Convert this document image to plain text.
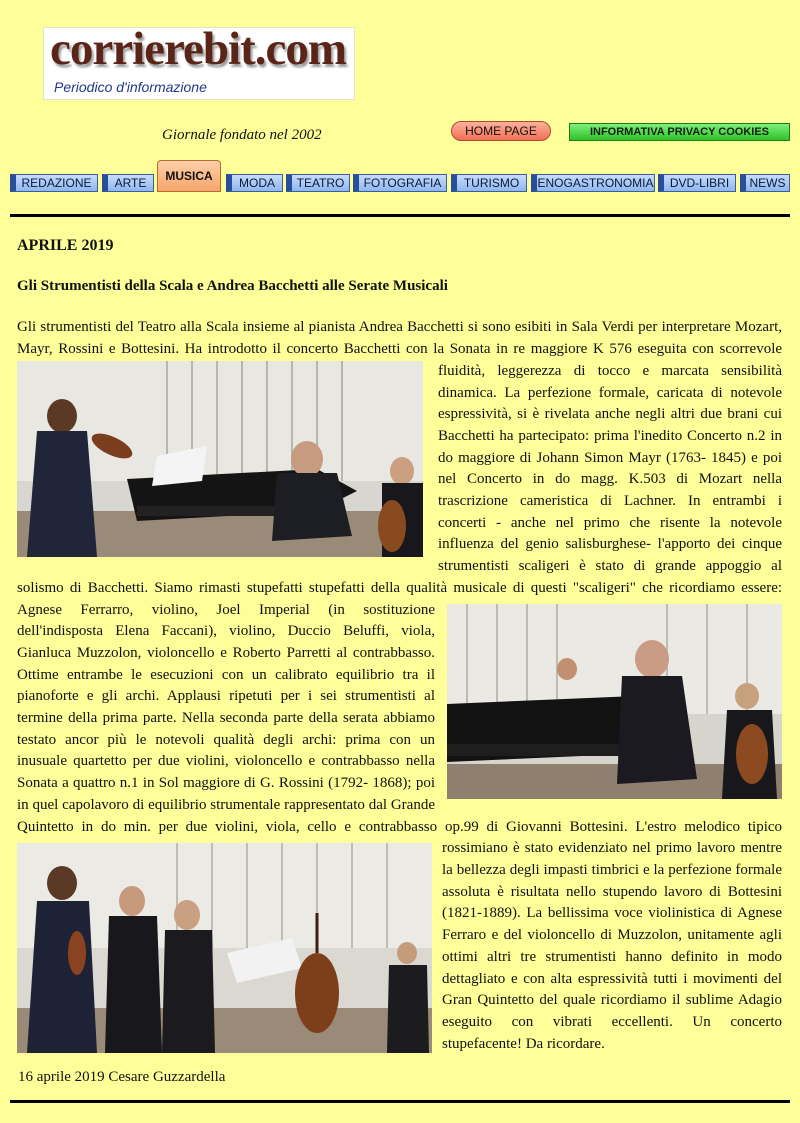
corrierebit.com
Periodico d'informazione
Giornale fondato nel 2002	HOME PAGE	INFORMATIVA PRIVACY COOKIES
REDAZIONE	ARTE	MUSICA	MODA	TEATRO	FOTOGRAFIA	TURISMO	ENOGASTRONOMIA	DVD-LIBRI	NEWS
APRILE 2019
Gli Strumentisti della Scala e Andrea Bacchetti alle Serate Musicali
Gli strumentisti del Teatro alla Scala insieme al pianista Andrea Bacchetti si sono esibiti in Sala Verdi per interpretare Mozart, Mayr, Rossini e Bottesini. Ha introdotto il concerto Bacchetti con la Sonata in re maggiore K 576 eseguita con scorrevole fluidità, leggerezza di tocco e marcata sensibilità dinamica. La perfezione formale, caricata di notevole espressività, si è rivelata anche negli altri due brani cui Bacchetti ha partecipato: prima l'inedito Concerto n.2 in do maggiore di Johann Simon Mayr (1763- 1845) e poi nel Concerto in do magg. K.503 di Mozart nella trascrizione cameristica di Lachner. In entrambi i concerti - anche nel primo che risente la notevole influenza del genio salisburghese- l'apporto dei cinque strumentisti scaligeri è stato di grande appoggio al solismo di Bacchetti. Siamo rimasti stupefatti stupefatti della qualità musicale di questi "scaligeri" che ricordiamo essere: Agnese Ferrarro, violino, Joel Imperial (in sostituzione dell'indisposta Elena Faccani), violino, Duccio Beluffi, viola, Gianluca Muzzolon, violoncello e Roberto Parretti al contrabbasso. Ottime entrambe le esecuzioni con un calibrato equilibrio tra il pianoforte e gli archi. Applausi ripetuti per i sei strumentisti al termine della prima parte. Nella seconda parte della serata abbiamo testato ancor più le notevoli qualità degli archi: prima con un inusuale quartetto per due violini, violoncello e contrabbasso nella Sonata a quattro n.1 in Sol maggiore di G. Rossini (1792- 1868); poi in quel capolavoro di equilibrio strumentale rappresentato dal Grande Quintetto in do min. per due violini, viola, cello e contrabbasso op.99 di Giovanni Bottesini. L'estro melodico tipico rossimiano è stato evidenziato nel primo lavoro mentre la bellezza degli impasti timbrici e la perfezione formale assoluta è risultata nello stupendo lavoro di Bottesini (1821-1889). La bellissima voce violinistica di Agnese Ferraro e del violoncello di Muzzolon, unitamente agli ottimi altri tre strumentisti hanno definito in modo dettagliato e con alta espressività tutti i movimenti del Gran Quintetto del quale ricordiamo il sublime Adagio eseguito con vibrati eccellenti. Un concerto stupefacente! Da ricordare.
16 aprile 2019 Cesare Guzzardella
